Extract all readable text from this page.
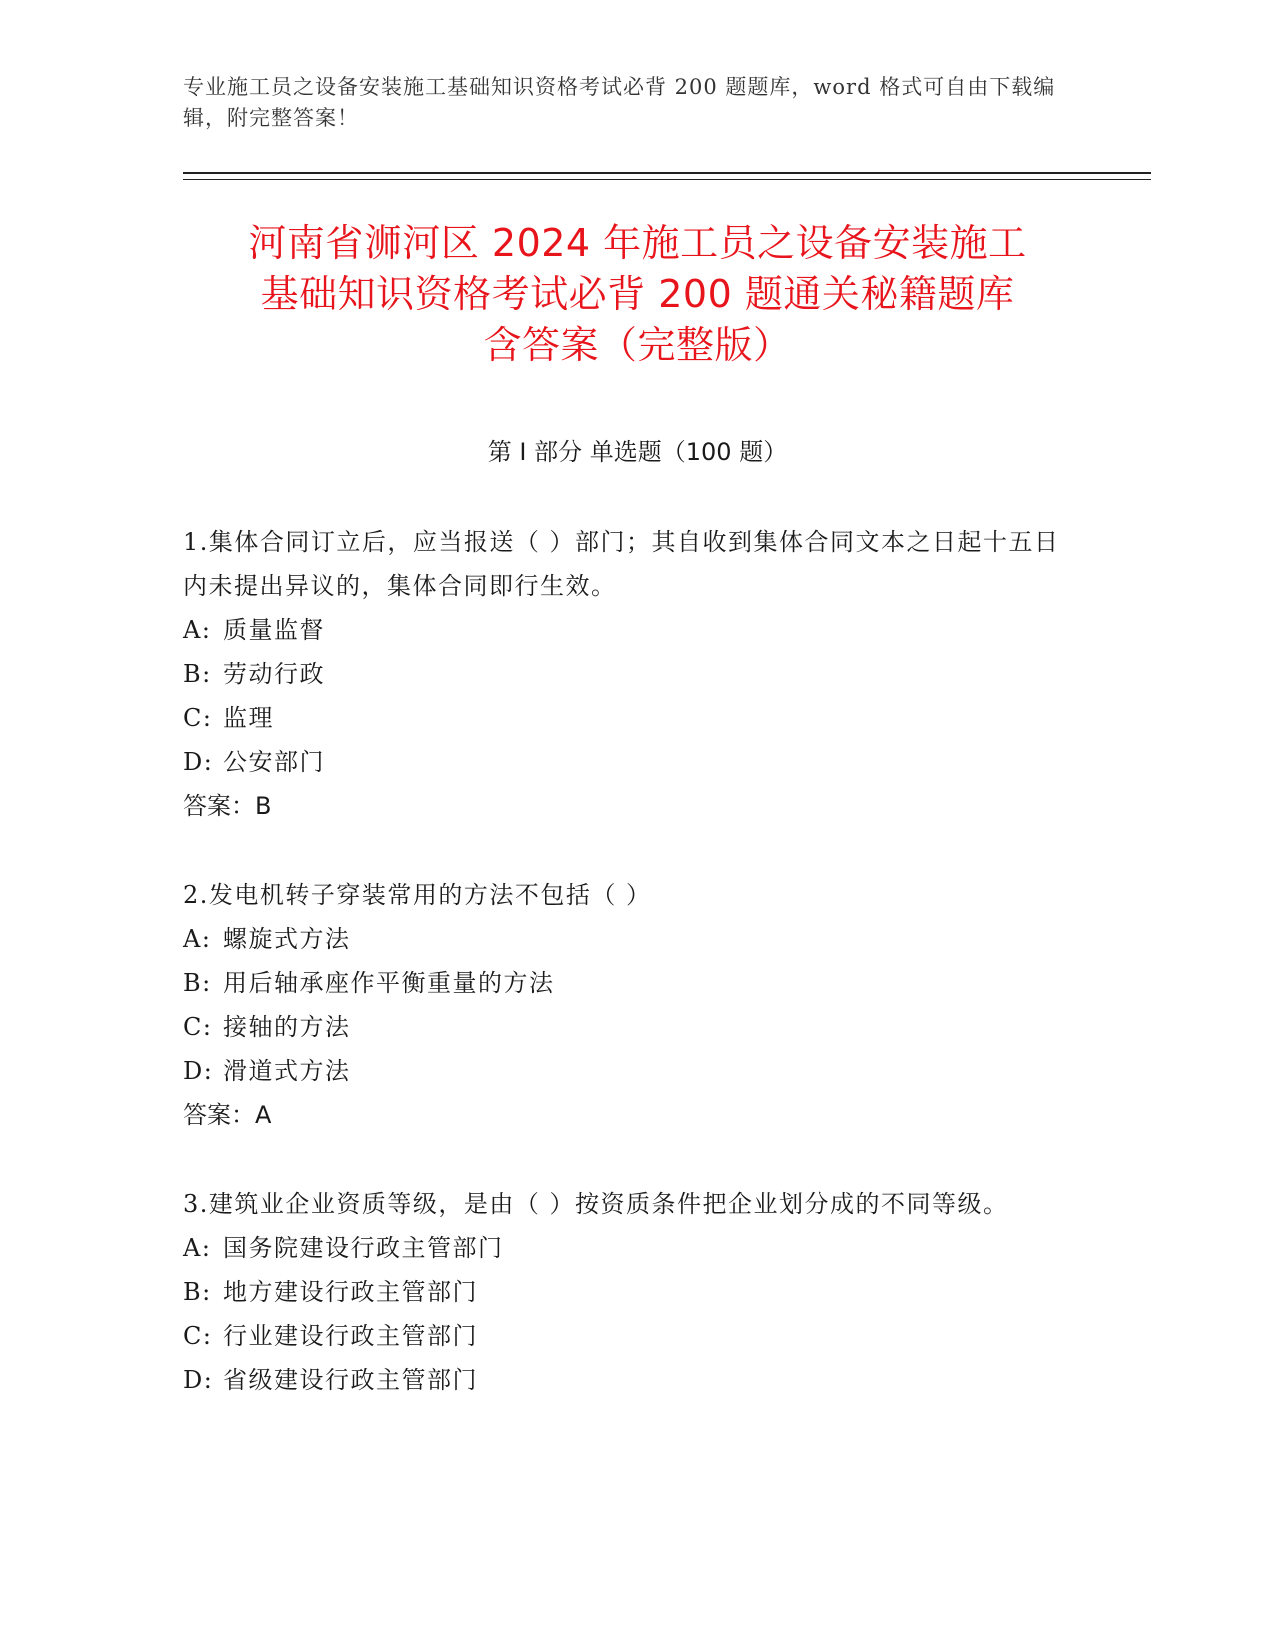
专业施工员之设备安装施工基础知识资格考试必背 200 题题库，word 格式可自由下载编辑，附完整答案！
河南省浉河区 2024 年施工员之设备安装施工
基础知识资格考试必背 200 题通关秘籍题库
含答案（完整版）
第 I 部分 单选题（100 题）

1.集体合同订立后，应当报送（ ）部门；其自收到集体合同文本之日起十五日内未提出异议的，集体合同即行生效。

A: 质量监督

B: 劳动行政

C: 监理

D: 公安部门

答案：B

2.发电机转子穿装常用的方法不包括（ ）

A: 螺旋式方法

B: 用后轴承座作平衡重量的方法

C: 接轴的方法

D: 滑道式方法

答案：A

3.建筑业企业资质等级，是由（ ）按资质条件把企业划分成的不同等级。

A: 国务院建设行政主管部门

B: 地方建设行政主管部门

C: 行业建设行政主管部门

D: 省级建设行政主管部门
